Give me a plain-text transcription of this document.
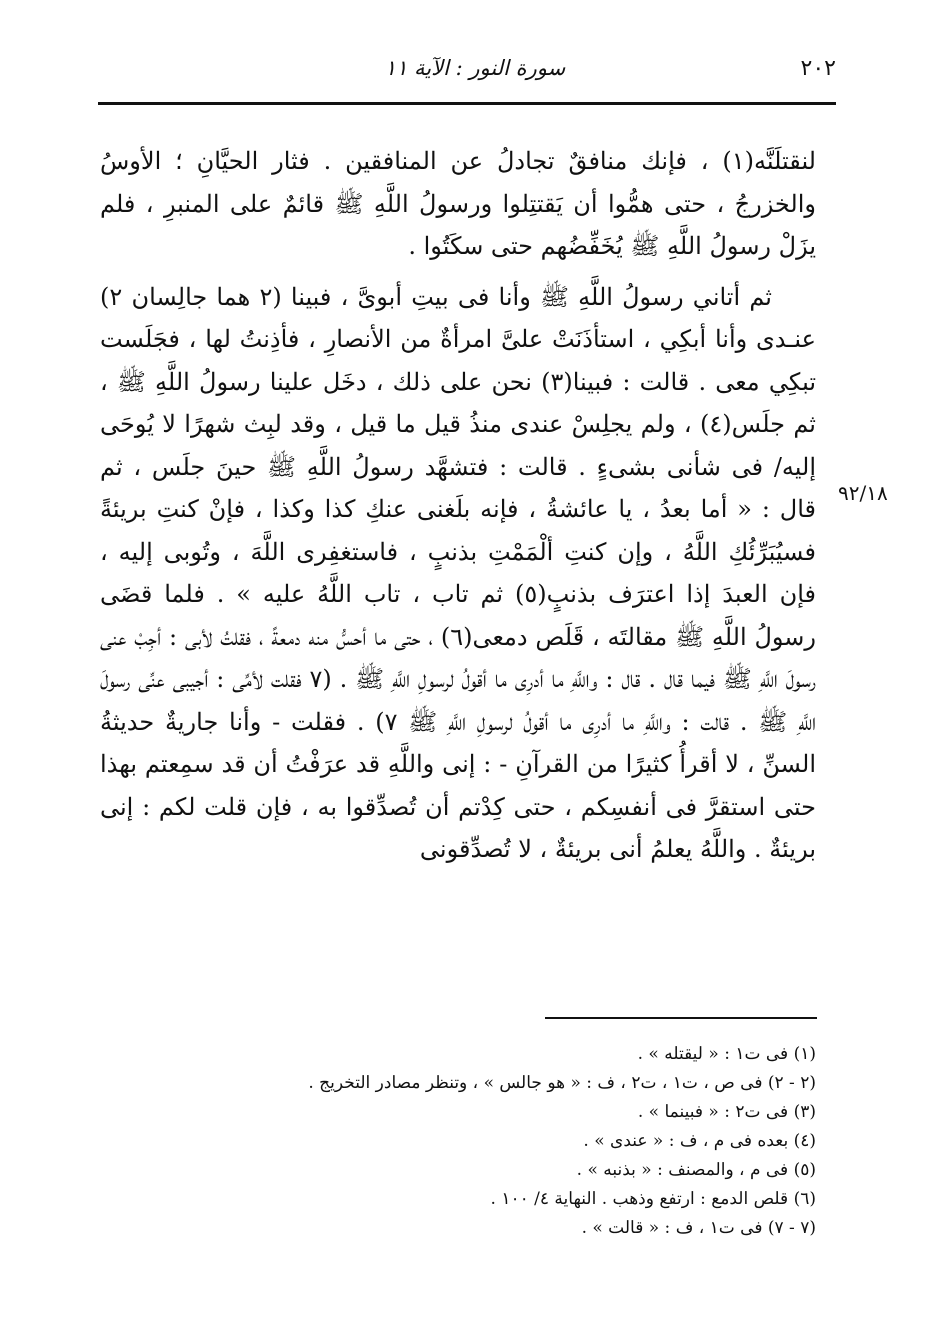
٢٠٢
سورة النور : الآية ١١
٩٢/١٨

لنقتلَنَّه(١) ، فإنك منافقٌ تجادلُ عن المنافقين . فثار الحيَّانِ ؛ الأوسُ والخزرجُ ، حتى همُّوا أن يَقتتِلوا ورسولُ اللَّهِ ﷺ قائمٌ على المنبرِ ، فلم يزَلْ رسولُ اللَّهِ ﷺ يُخَفِّضُهم حتى سكَتُوا .

ثم أتاني رسولُ اللَّهِ ﷺ وأنا فى بيتِ أبوىَّ ، فبينا (٢ هما جالِسان ٢) عنـدى وأنا أبكِي ، استأذَنَتْ علىَّ امرأةٌ من الأنصارِ ، فأذِنتُ لها ، فجَلَست تبكِي معى . قالت : فبينا(٣) نحن على ذلك ، دخَل علينا رسولُ اللَّهِ ﷺ ، ثم جلَس(٤) ، ولم يجلِسْ عندى منذُ قيل ما قيل ، وقد لبِث شهرًا لا يُوحَى إليه/ فى شأنى بشىءٍ . قالت : فتشهَّد رسولُ اللَّهِ ﷺ حينَ جلَس ، ثم قال : « أما بعدُ ، يا عائشةُ ، فإنه بلَغنى عنكِ كذا وكذا ، فإنْ كنتِ بريئةً فسيُبَرِّئُكِ اللَّهُ ، وإن كنتِ ألْمَمْتِ بذنبٍ ، فاستغفِرى اللَّهَ ، وتُوبى إليه ، فإن العبدَ إذا اعترَف بذنبٍ(٥) ثم تاب ، تاب اللَّهُ عليه » . فلما قضَى رسولُ اللَّهِ ﷺ مقالتَه ، قَلَص دمعى(٦) ، حتى ما أحسُّ منه دمعةً ، فقلتُ لأبى : أجِبْ عنى رسولَ اللَّهِ ﷺ فيما قال . قال : واللَّهِ ما أدرِى ما أقولُ لرسولِ اللَّهِ ﷺ . (٧ فقلت لأمِّى : أجيبى عنِّى رسولَ اللَّهِ ﷺ . قالت : واللَّهِ ما أدرِى ما أقولُ لرسولِ اللَّهِ ﷺ ٧) . فقلت - وأنا جاريةٌ حديثةُ السنِّ ، لا أقرأُ كثيرًا من القرآنِ - : إنى واللَّهِ قد عرَفْتُ أن قد سمِعتم بهذا حتى استقرَّ فى أنفسِكم ، حتى كِدْتم أن تُصدِّقوا به ، فإن قلت لكم : إنى بريئةٌ . واللَّهُ يعلمُ أنى بريئةٌ ، لا تُصدِّقونى

(١) فى ت١ : « ليقتله » .

(٢ - ٢) فى ص ، ت١ ، ت٢ ، ف : « هو جالس » ، وتنظر مصادر التخريج .

(٣) فى ت٢ : « فبينما » .

(٤) بعده فى م ، ف : « عندى » .

(٥) فى م ، والمصنف : « بذنبه » .

(٦) قلص الدمع : ارتفع وذهب . النهاية ٤/ ١٠٠ .

(٧ - ٧) فى ت١ ، ف : « قالت » .
